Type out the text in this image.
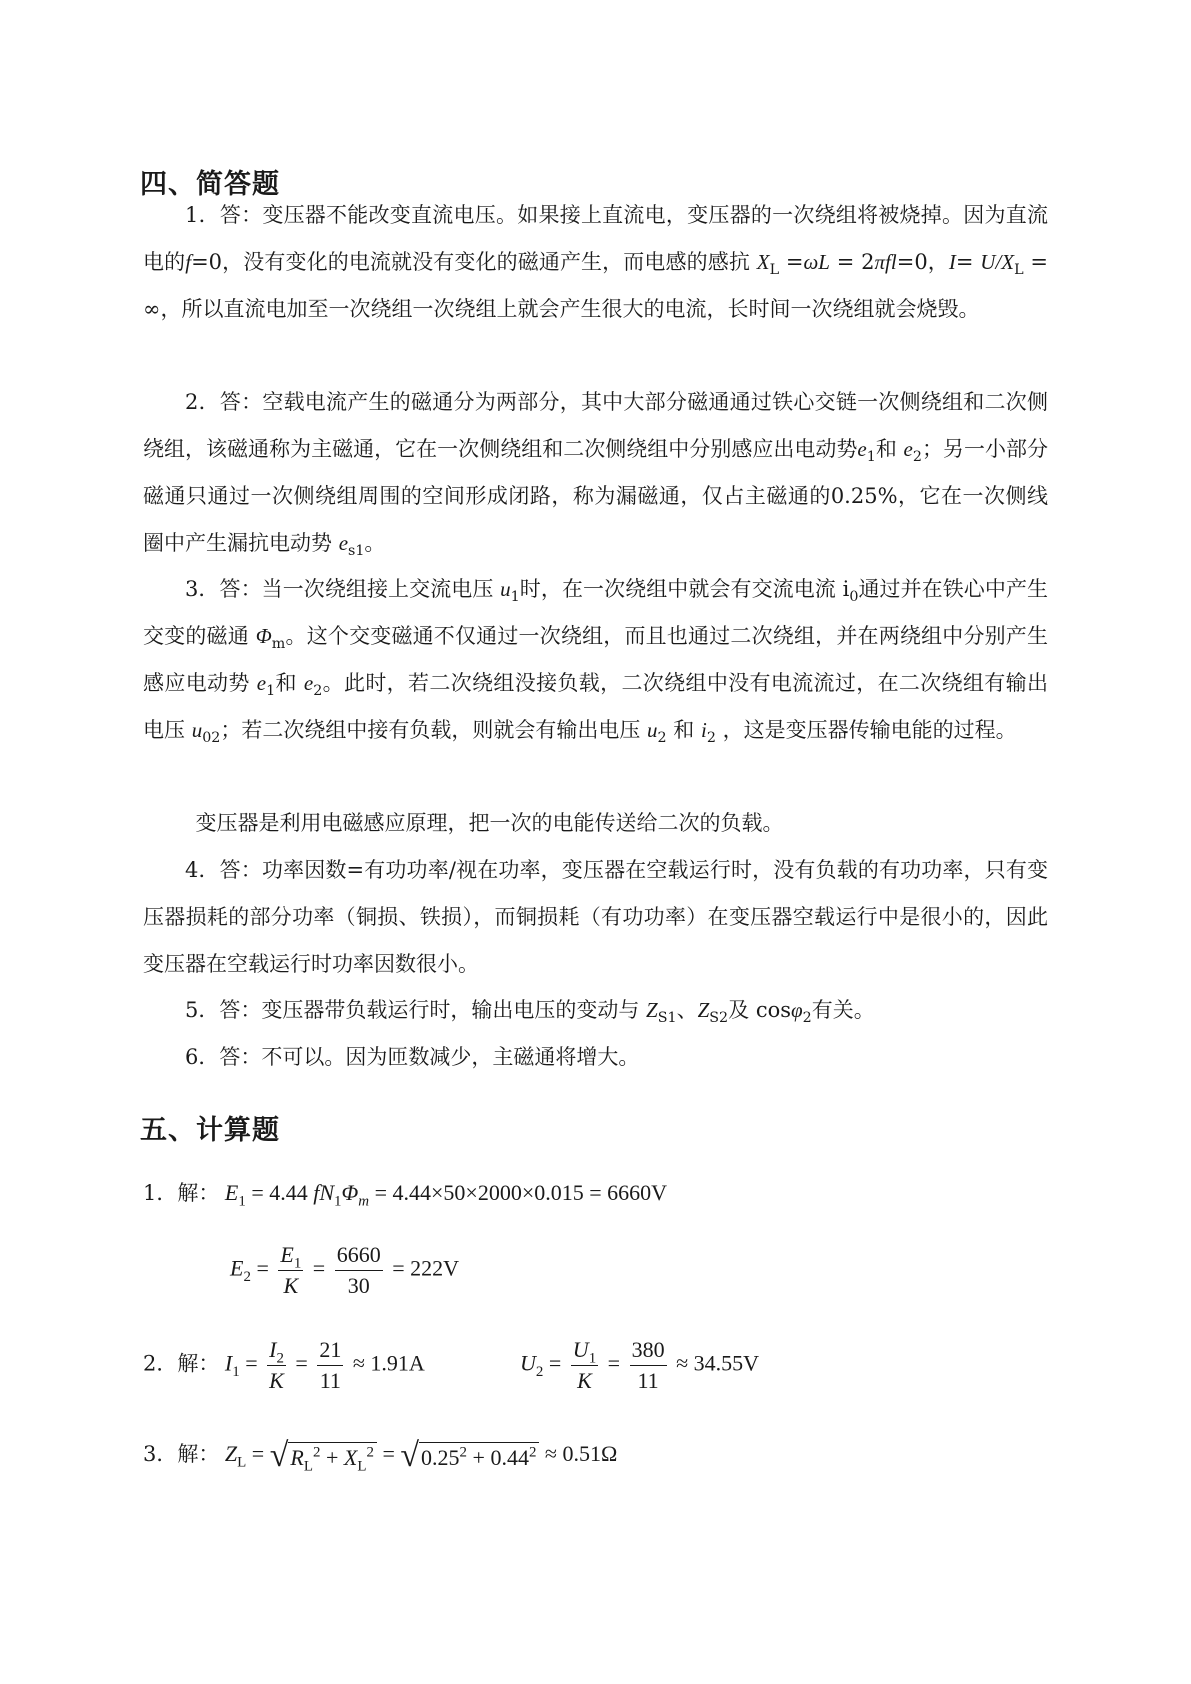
四、简答题

1．答：变压器不能改变直流电压。如果接上直流电，变压器的一次绕组将被烧掉。因为直流电的f=0，没有变化的电流就没有变化的磁通产生，而电感的感抗 $X_L =\omega L = 2\pi fl=0$，$I= U/X_L$ = ∞，所以直流电加至一次绕组一次绕组上就会产生很大的电流，长时间一次绕组就会烧毁。

2．答：空载电流产生的磁通分为两部分，其中大部分磁通通过铁心交链一次侧绕组和二次侧绕组，该磁通称为主磁通，它在一次侧绕组和二次侧绕组中分别感应出电动势$e_1$和 $e_2$；另一小部分磁通只通过一次侧绕组周围的空间形成闭路，称为漏磁通，仅占主磁通的0.25%，它在一次侧线圈中产生漏抗电动势 $e_{s1}$。

3．答：当一次绕组接上交流电压 $u_1$时，在一次绕组中就会有交流电流 $i_0$通过并在铁心中产生交变的磁通 $\Phi_m$。这个交变磁通不仅通过一次绕组，而且也通过二次绕组，并在两绕组中分别产生感应电动势 $e_1$和 $e_2$。此时，若二次绕组没接负载，二次绕组中没有电流流过，在二次绕组有输出电压 $u_{02}$；若二次绕组中接有负载，则就会有输出电压 $u_2$ 和 $i_2$ ，这是变压器传输电能的过程。

变压器是利用电磁感应原理，把一次的电能传送给二次的负载。

4．答：功率因数=有功功率/视在功率，变压器在空载运行时，没有负载的有功功率，只有变压器损耗的部分功率（铜损、铁损），而铜损耗（有功功率）在变压器空载运行中是很小的，因此变压器在空载运行时功率因数很小。

5．答：变压器带负载运行时，输出电压的变动与 $Z_{S1}$、$Z_{S2}$及 cosφ$_2$有关。

6．答：不可以。因为匝数减少，主磁通将增大。

五、计算题
1．解： $E_1 = 4.44$ $fN_1\Phi_m = 4.44\times 50\times 2000\times 0.015 = 6660V$
$E_2 = \frac{E_1}{K} = \frac{6660}{30} = 222V$
2．解： $I_1 = \frac{I_2}{K} = \frac{21}{11} \approx 1.91A$	$U_2 = \frac{U_1}{K} = \frac{380}{11} \approx 34.55V$
3．解： $Z_L = √R_L^2 + X_L^2 = √0.25^2 + 0.44^2 \approx 0.51\Omega$
